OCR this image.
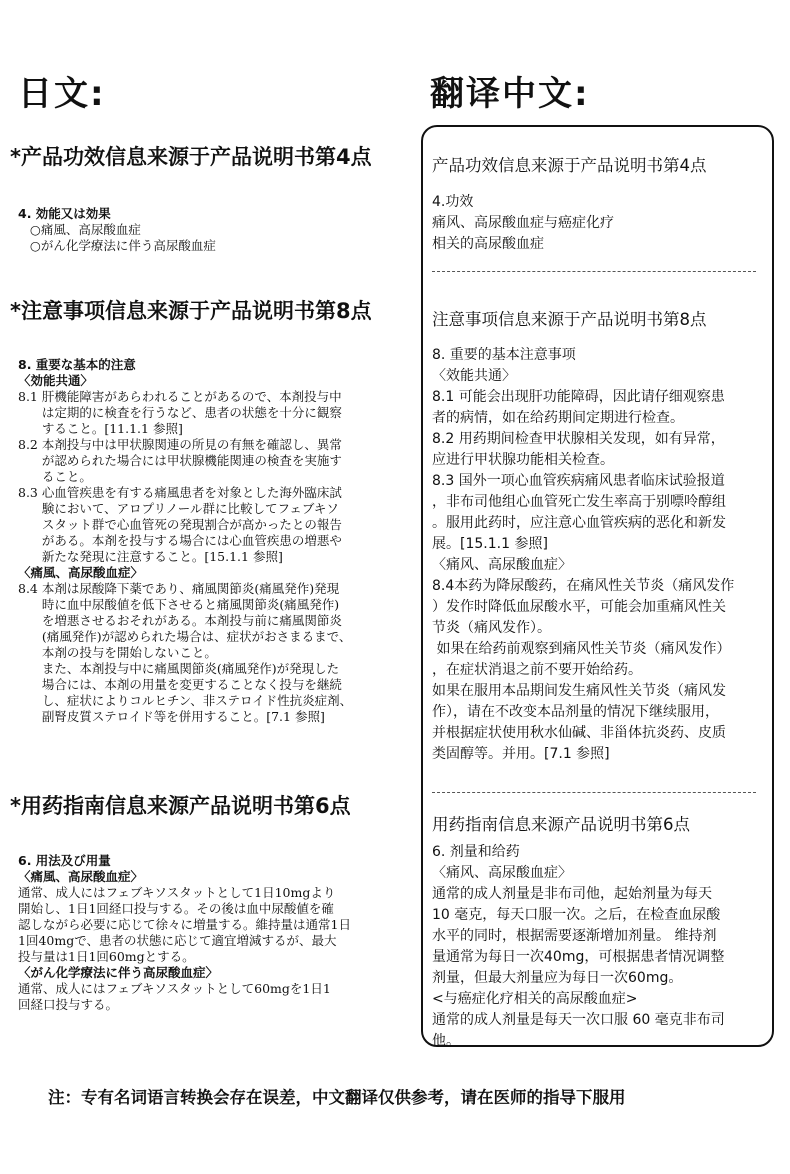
日文:	翻译中文:
*产品功效信息来源于产品说明书第4点
4. 効能又は効果
○痛風、高尿酸血症
○がん化学療法に伴う高尿酸血症
*注意事项信息来源于产品说明书第8点
8. 重要な基本的注意
〈効能共通〉
8.1 肝機能障害があらわれることがあるので、本剤投与中
は定期的に検査を行うなど、患者の状態を十分に観察
すること。[11.1.1 参照]
8.2 本剤投与中は甲状腺関連の所見の有無を確認し、異常
が認められた場合には甲状腺機能関連の検査を実施す
ること。
8.3 心血管疾患を有する痛風患者を対象とした海外臨床試
験において、アロプリノール群に比較してフェブキソ
スタット群で心血管死の発現割合が高かったとの報告
がある。本剤を投与する場合には心血管疾患の増悪や
新たな発現に注意すること。[15.1.1 参照]
〈痛風、高尿酸血症〉
8.4 本剤は尿酸降下薬であり、痛風関節炎(痛風発作)発現
時に血中尿酸値を低下させると痛風関節炎(痛風発作)
を増悪させるおそれがある。本剤投与前に痛風関節炎
(痛風発作)が認められた場合は、症状がおさまるまで、
本剤の投与を開始しないこと。
また、本剤投与中に痛風関節炎(痛風発作)が発現した
場合には、本剤の用量を変更することなく投与を継続
し、症状によりコルヒチン、非ステロイド性抗炎症剤、
副腎皮質ステロイド等を併用すること。[7.1 参照]
*用药指南信息来源产品说明书第6点
6. 用法及び用量
〈痛風、高尿酸血症〉
通常、成人にはフェブキソスタットとして1日10mgより
開始し、1日1回経口投与する。その後は血中尿酸値を確
認しながら必要に応じて徐々に増量する。維持量は通常1日
1回40mgで、患者の状態に応じて適宜増減するが、最大
投与量は1日1回60mgとする。
〈がん化学療法に伴う高尿酸血症〉
通常、成人にはフェブキソスタットとして60mgを1日1
回経口投与する。
产品功效信息来源于产品说明书第4点
4.功效
痛风、高尿酸血症与癌症化疗
相关的高尿酸血症
注意事项信息来源于产品说明书第8点
8. 重要的基本注意事项
〈效能共通〉
8.1 可能会出现肝功能障碍，因此请仔细观察患
者的病情，如在给药期间定期进行检查。
8.2 用药期间检查甲状腺相关发现，如有异常，
应进行甲状腺功能相关检查。
8.3 国外一项心血管疾病痛风患者临床试验报道
，非布司他组心血管死亡发生率高于别嘌呤醇组
。服用此药时，应注意心血管疾病的恶化和新发
展。[15.1.1 参照]
〈痛风、高尿酸血症〉
8.4本药为降尿酸药，在痛风性关节炎（痛风发作
）发作时降低血尿酸水平，可能会加重痛风性关
节炎（痛风发作）。
如果在给药前观察到痛风性关节炎（痛风发作）
，在症状消退之前不要开始给药。
如果在服用本品期间发生痛风性关节炎（痛风发
作），请在不改变本品剂量的情况下继续服用，
并根据症状使用秋水仙碱、非甾体抗炎药、皮质
类固醇等。并用。[7.1 参照]
用药指南信息来源产品说明书第6点
6. 剂量和给药
〈痛风、高尿酸血症〉
通常的成人剂量是非布司他，起始剂量为每天
10 毫克，每天口服一次。之后，在检查血尿酸
水平的同时，根据需要逐渐增加剂量。 维持剂
量通常为每日一次40mg，可根据患者情况调整
剂量，但最大剂量应为每日一次60mg。
<与癌症化疗相关的高尿酸血症>
通常的成人剂量是每天一次口服 60 毫克非布司
他。
注：专有名词语言转换会存在误差，中文翻译仅供参考，请在医师的指导下服用
